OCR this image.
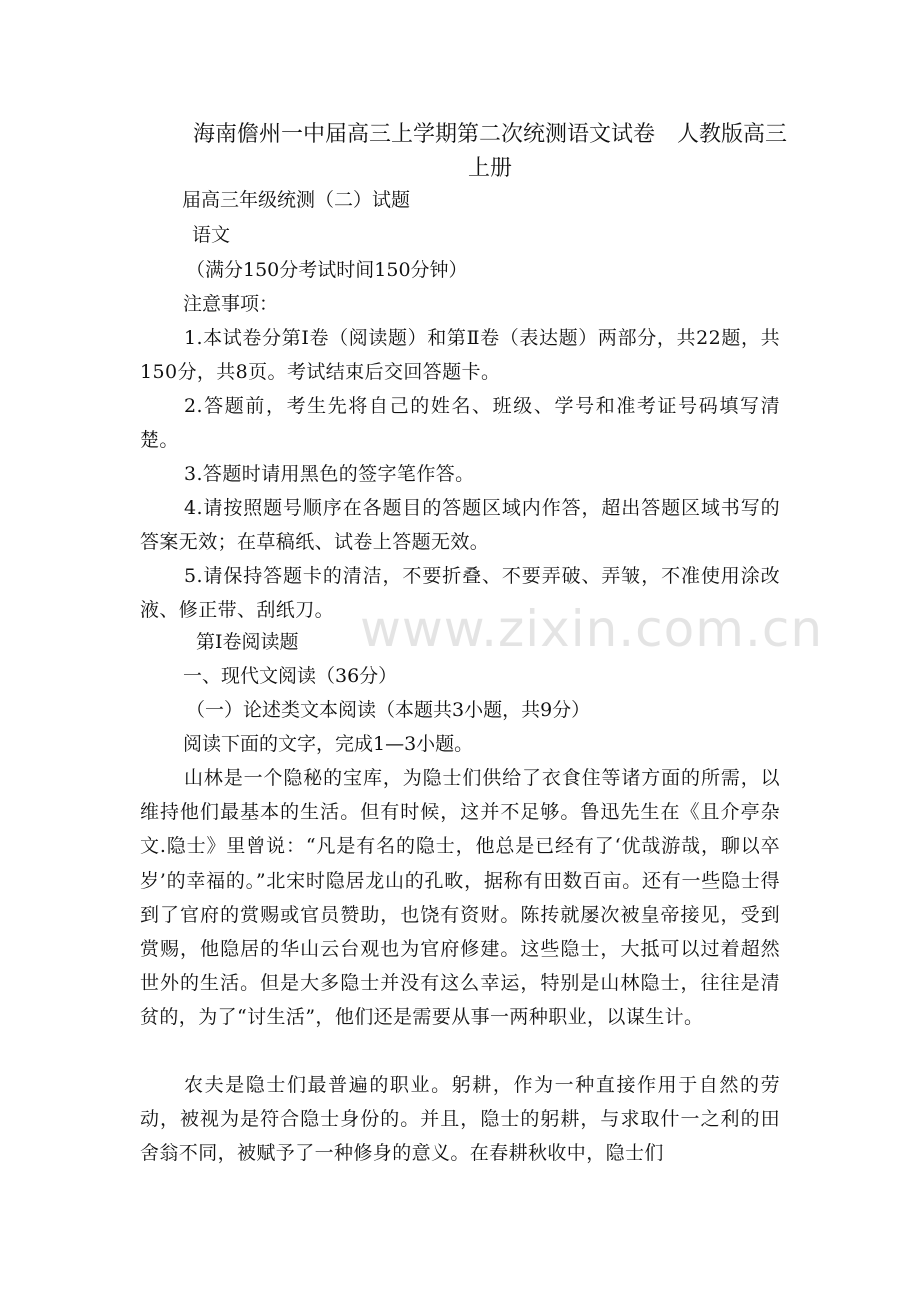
海南儋州一中届高三上学期第二次统测语文试卷　人教版高三
上册
届高三年级统测（二）试题
语文
（满分150分考试时间150分钟）
注意事项：
1.本试卷分第Ⅰ卷（阅读题）和第Ⅱ卷（表达题）两部分，共22题，共150分，共8页。考试结束后交回答题卡。
2.答题前，考生先将自己的姓名、班级、学号和准考证号码填写清楚。
3.答题时请用黑色的签字笔作答。
4.请按照题号顺序在各题目的答题区域内作答，超出答题区域书写的答案无效；在草稿纸、试卷上答题无效。
5.请保持答题卡的清洁，不要折叠、不要弄破、弄皱，不准使用涂改液、修正带、刮纸刀。
第Ⅰ卷阅读题
一、现代文阅读（36分）
（一）论述类文本阅读（本题共3小题，共9分）
阅读下面的文字，完成1—3小题。
山林是一个隐秘的宝库，为隐士们供给了衣食住等诸方面的所需，以维持他们最基本的生活。但有时候，这并不足够。鲁迅先生在《且介亭杂文.隐士》里曾说：“凡是有名的隐士，他总是已经有了‘优哉游哉，聊以卒岁’的幸福的。”北宋时隐居龙山的孔畋，据称有田数百亩。还有一些隐士得到了官府的赏赐或官员赞助，也饶有资财。陈抟就屡次被皇帝接见，受到赏赐，他隐居的华山云台观也为官府修建。这些隐士，大抵可以过着超然世外的生活。但是大多隐士并没有这么幸运，特别是山林隐士，往往是清贫的，为了“讨生活”，他们还是需要从事一两种职业，以谋生计。
农夫是隐士们最普遍的职业。躬耕，作为一种直接作用于自然的劳动，被视为是符合隐士身份的。并且，隐士的躬耕，与求取什一之利的田舍翁不同，被赋予了一种修身的意义。在春耕秋收中，隐士们
www.zixin.com.cn
